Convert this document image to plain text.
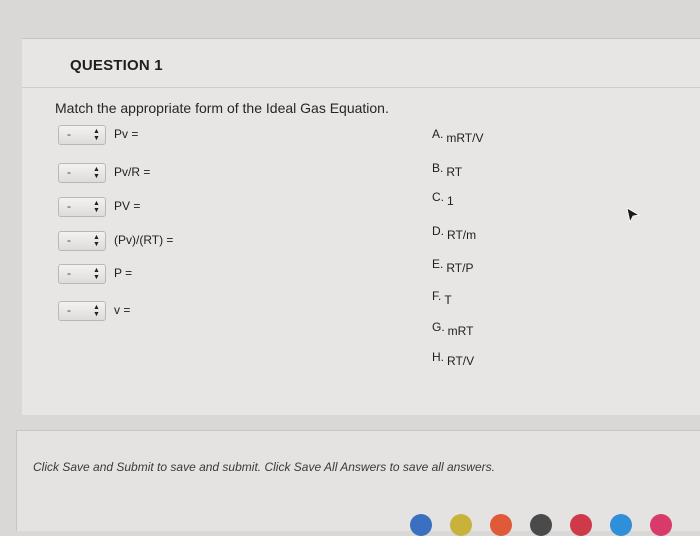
QUESTION 1
Match the appropriate form of the Ideal Gas Equation.
-	▲
▼ Pv =
-	▲
▼ Pv/R =
-	▲
▼ PV =
-	▲
▼ (Pv)/(RT) =
-	▲
▼ P =
-	▲
▼ v =
$^{A.}$ mRT/V
$^{B.}$ RT
$^{C.}$ 1
$^{D.}$ RT/m
$^{E.}$ RT/P
$^{F.}$ T
$^{G.}$ mRT
$^{H.}$ RT/V
Click Save and Submit to save and submit. Click Save All Answers to save all answers.
